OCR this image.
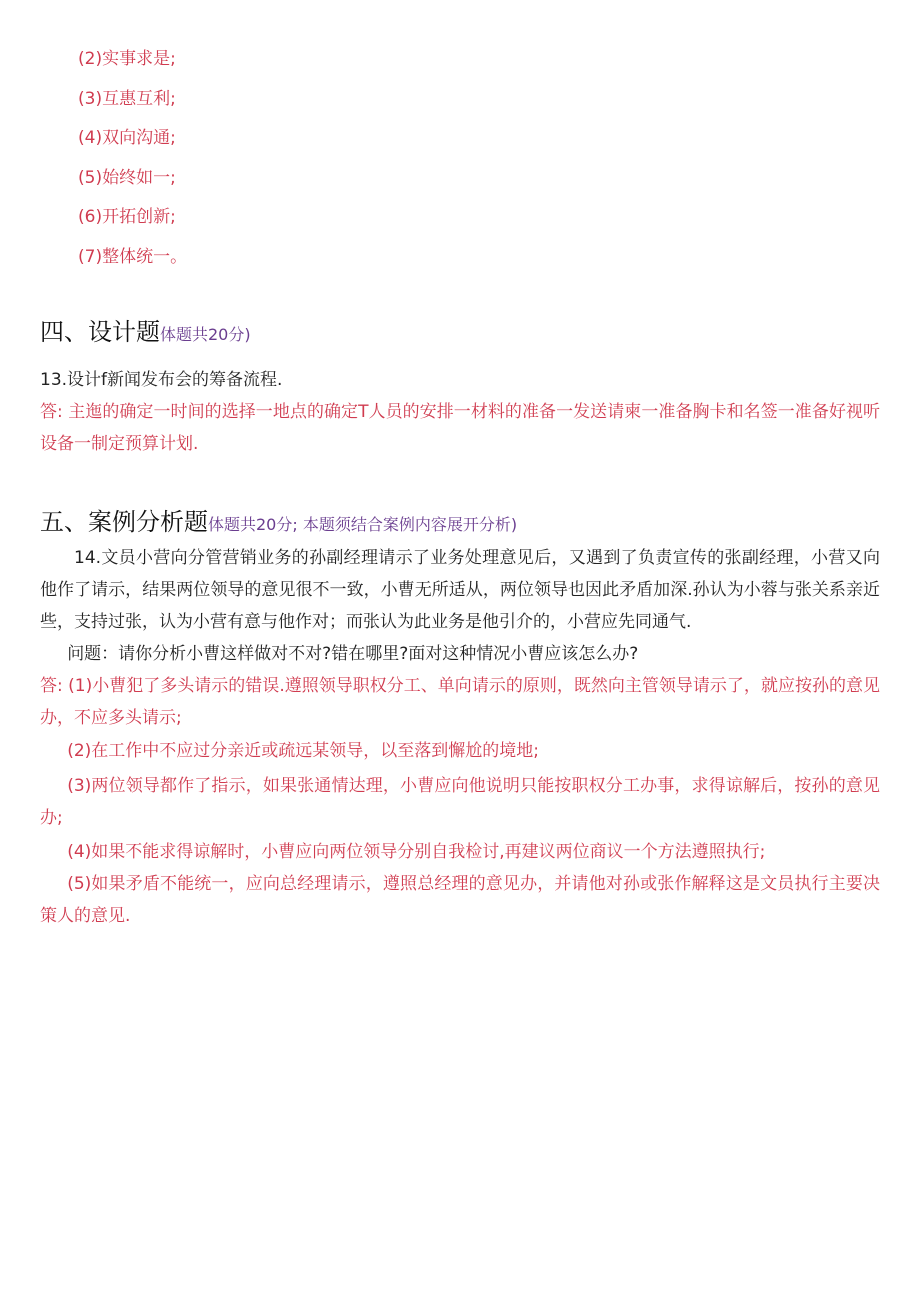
(2)实事求是;
(3)互惠互利;
(4)双向沟通;
(5)始终如一;
(6)开拓创新;
(7)整体统一。
四、设计题体题共20分)
13.设计f新闻发布会的筹备流程.
答: 主迤的确定一时间的选择一地点的确定T人员的安排一材料的准备一发送请柬一准备胸卡和名签一准备好视听设备一制定预算计划.
五、案例分析题体题共20分; 本题须结合案例内容展开分析)
14.文员小营向分管营销业务的孙副经理请示了业务处理意见后，又遇到了负责宣传的张副经理，小营又向他作了请示，结果两位领导的意见很不一致，小曹无所适从，两位领导也因此矛盾加深.孙认为小蓉与张关系亲近些，支持过张，认为小营有意与他作对；而张认为此业务是他引介的，小营应先同通气.
问题：请你分析小曹这样做对不对?错在哪里?面对这种情况小曹应该怎么办?
答: (1)小曹犯了多头请示的错误.遵照领导职权分工、单向请示的原则，既然向主管领导请示了，就应按孙的意见办，不应多头请示;
(2)在工作中不应过分亲近或疏远某领导，以至落到懈尬的境地;
(3)两位领导都作了指示，如果张通情达理，小曹应向他说明只能按职权分工办事，求得谅解后，按孙的意见办;
(4)如果不能求得谅解时，小曹应向两位领导分别自我检讨,再建议两位商议一个方法遵照执行;
(5)如果矛盾不能统一，应向总经理请示，遵照总经理的意见办，并请他对孙或张作解释这是文员执行主要决策人的意见.
